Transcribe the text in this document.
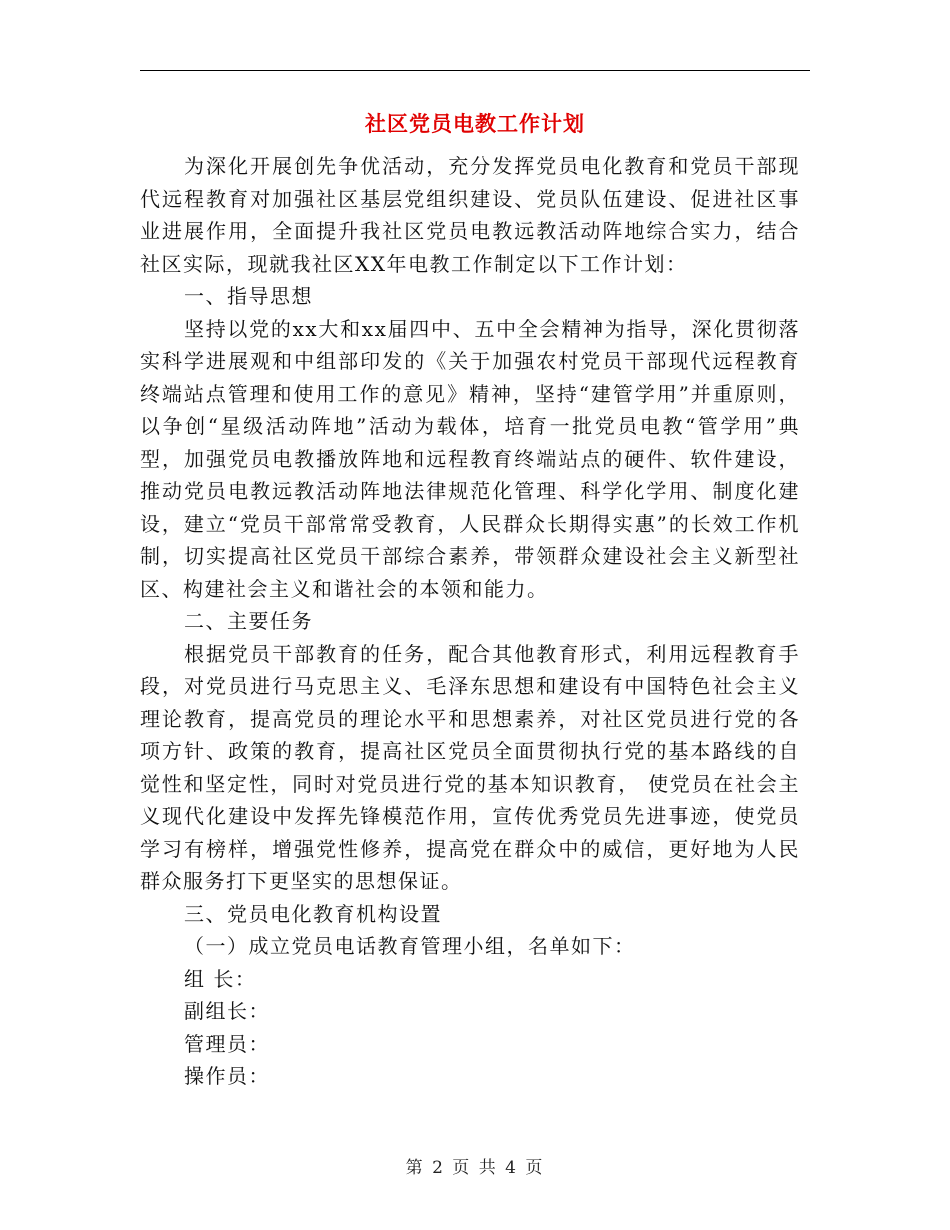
社区党员电教工作计划

为深化开展创先争优活动，充分发挥党员电化教育和党员干部现代远程教育对加强社区基层党组织建设、党员队伍建设、促进社区事业进展作用，全面提升我社区党员电教远教活动阵地综合实力，结合社区实际，现就我社区XX年电教工作制定以下工作计划：

一、指导思想

坚持以党的xx大和xx届四中、五中全会精神为指导，深化贯彻落实科学进展观和中组部印发的《关于加强农村党员干部现代远程教育终端站点管理和使用工作的意见》精神，坚持“建管学用”并重原则，以争创“星级活动阵地”活动为载体，培育一批党员电教“管学用”典型，加强党员电教播放阵地和远程教育终端站点的硬件、软件建设，推动党员电教远教活动阵地法律规范化管理、科学化学用、制度化建设，建立“党员干部常常受教育，人民群众长期得实惠”的长效工作机制，切实提高社区党员干部综合素养，带领群众建设社会主义新型社区、构建社会主义和谐社会的本领和能力。

二、主要任务

根据党员干部教育的任务，配合其他教育形式，利用远程教育手段，对党员进行马克思主义、毛泽东思想和建设有中国特色社会主义理论教育，提高党员的理论水平和思想素养，对社区党员进行党的各项方针、政策的教育，提高社区党员全面贯彻执行党的基本路线的自觉性和坚定性，同时对党员进行党的基本知识教育， 使党员在社会主义现代化建设中发挥先锋模范作用，宣传优秀党员先进事迹，使党员学习有榜样，增强党性修养，提高党在群众中的威信，更好地为人民群众服务打下更坚实的思想保证。

三、党员电化教育机构设置
（一）成立党员电话教育管理小组，名单如下：
组 长：
副组长：
管理员：
操作员：
第 2 页 共 4 页
